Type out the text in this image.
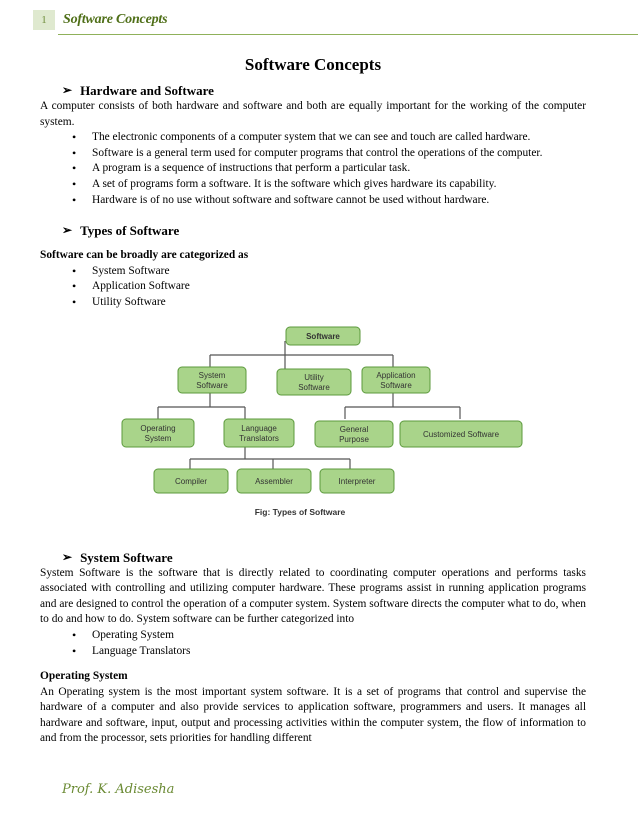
1	Software Concepts
Software Concepts
➢ Hardware and Software

A computer consists of both hardware and software and both are equally important for the working of the computer system.

• The electronic components of a computer system that we can see and touch are called hardware.
• Software is a general term used for computer programs that control the operations of the computer.
• A program is a sequence of instructions that perform a particular task.
• A set of programs form a software. It is the software which gives hardware its capability.
• Hardware is of no use without software and software cannot be used without hardware.
➢ Types of Software

Software can be broadly are categorized as

• System Software
• Application Software
• Utility Software
Software
System
Software
Utility
Software
Application
Software
Operating
System
Language
Translators
General
Purpose
Customized Software
Compiler	Assembler	Interpreter
Fig: Types of Software
➢ System Software

System Software is the software that is directly related to coordinating computer operations and performs tasks associated with controlling and utilizing computer hardware. These programs assist in running application programs and are designed to control the operation of a computer system. System software directs the computer what to do, when to do and how to do. System software can be further categorized into

• Operating System
• Language Translators

Operating System

An Operating system is the most important system software. It is a set of programs that control and supervise the hardware of a computer and also provide services to application software, programmers and users. It manages all hardware and software, input, output and processing activities within the computer system, the flow of information to and from the processor, sets priorities for handling different

Prof. K. Adisesha
